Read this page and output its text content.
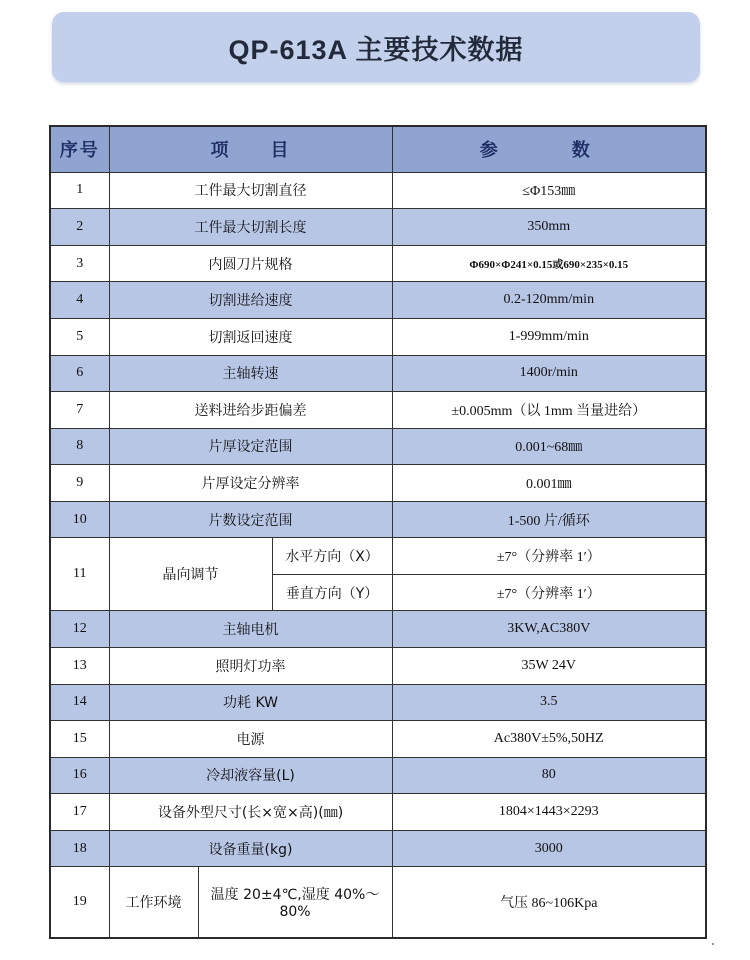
QP-613A 主要技术数据
序号	项　　目			参　数
1	工件最大切割直径			≤Φ153㎜
2	工件最大切割长度			350mm
3	内圆刀片规格			Φ690×Φ241×0.15或690×235×0.15
4	切割进给速度			0.2-120mm/min
5	切割返回速度			1-999mm/min
6	主轴转速			1400r/min
7	送料进给步距偏差			±0.005mm（以 1mm 当量进给）
8	片厚设定范围			0.001~68㎜
9	片厚设定分辨率			0.001㎜
10	片数设定范围			1-500 片/循环
11	晶向调节		水平方向（X）	±7°（分辨率 1′）
			垂直方向（Y）	±7°（分辨率 1′）
12	主轴电机			3KW,AC380V
13	照明灯功率			35W 24V
14	功耗 KW			3.5
15	电源			Ac380V±5%,50HZ
16	冷却液容量(L)			80
17	设备外型尺寸(长×宽×高)(㎜)			1804×1443×2293
18	设备重量(kg)			3000
19	工作环境	温度 20±4℃,湿度 40%～80%		气压 86~106Kpa
